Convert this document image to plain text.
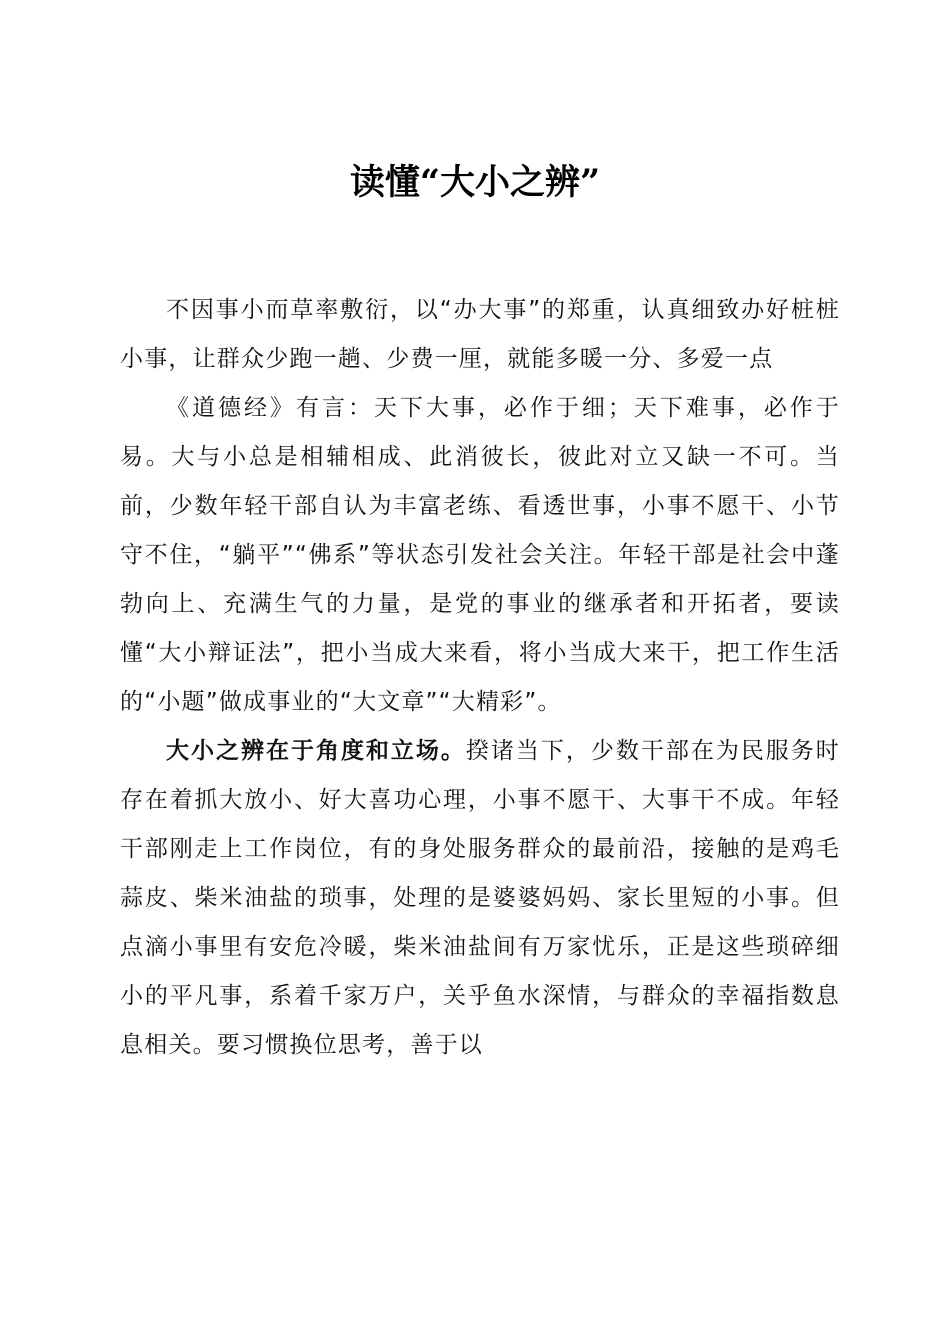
读懂“大小之辨”

不因事小而草率敷衍，以“办大事”的郑重，认真细致办好桩桩小事，让群众少跑一趟、少费一厘，就能多暖一分、多爱一点

《道德经》有言：天下大事，必作于细；天下难事，必作于易。大与小总是相辅相成、此消彼长，彼此对立又缺一不可。当前，少数年轻干部自认为丰富老练、看透世事，小事不愿干、小节守不住，“躺平”“佛系”等状态引发社会关注。年轻干部是社会中蓬勃向上、充满生气的力量，是党的事业的继承者和开拓者，要读懂“大小辩证法”，把小当成大来看，将小当成大来干，把工作生活的“小题”做成事业的“大文章”“大精彩”。

大小之辨在于角度和立场。揆诸当下，少数干部在为民服务时存在着抓大放小、好大喜功心理，小事不愿干、大事干不成。年轻干部刚走上工作岗位，有的身处服务群众的最前沿，接触的是鸡毛蒜皮、柴米油盐的琐事，处理的是婆婆妈妈、家长里短的小事。但点滴小事里有安危冷暖，柴米油盐间有万家忧乐，正是这些琐碎细小的平凡事，系着千家万户，关乎鱼水深情，与群众的幸福指数息息相关。要习惯换位思考，善于以
